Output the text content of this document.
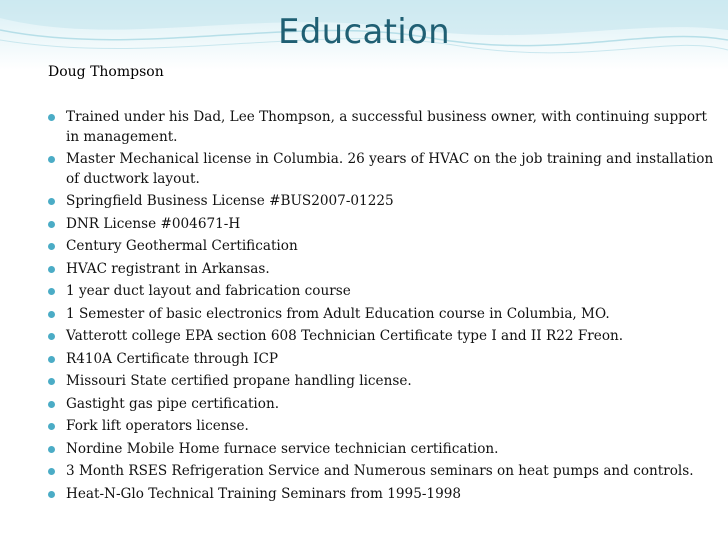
Education
Doug Thompson
Trained under his Dad, Lee Thompson, a successful business owner, with continuing support in management.
Master Mechanical license in Columbia. 26 years of HVAC on the job training and installation of ductwork layout.
Springfield Business License #BUS2007-01225
DNR License #004671-H
Century Geothermal Certification
HVAC registrant in Arkansas.
1 year duct layout and fabrication course
1 Semester of basic electronics from Adult Education course in Columbia, MO.
Vatterott college EPA section 608 Technician Certificate type I and II R22 Freon.
R410A Certificate through ICP
Missouri State certified propane handling license.
Gastight gas pipe certification.
Fork lift operators license.
Nordine Mobile Home furnace service technician certification.
3 Month RSES Refrigeration Service and Numerous seminars on heat pumps and controls.
Heat-N-Glo Technical Training Seminars from 1995-1998
